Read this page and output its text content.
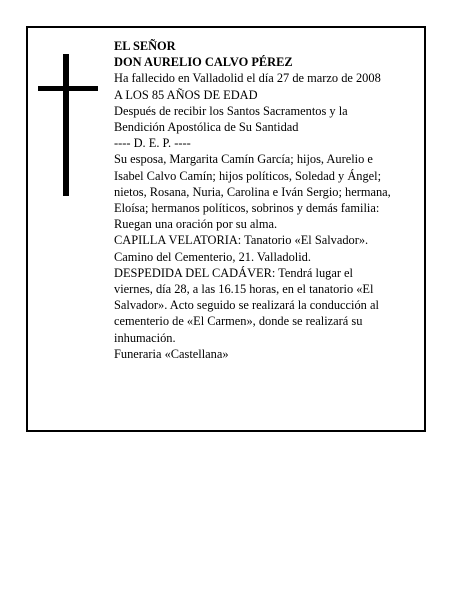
EL SEÑOR
DON AURELIO CALVO PÉREZ
Ha fallecido en Valladolid el día 27 de marzo de 2008
A LOS 85 AÑOS DE EDAD
Después de recibir los Santos Sacramentos y la
Bendición Apostólica de Su Santidad
---- D. E. P. ----
Su esposa, Margarita Camín García; hijos, Aurelio e
Isabel Calvo Camín; hijos políticos, Soledad y Ángel;
nietos, Rosana, Nuria, Carolina e Iván Sergio; hermana,
Eloísa; hermanos políticos, sobrinos y demás familia:
Ruegan una oración por su alma.
CAPILLA VELATORIA: Tanatorio «El Salvador».
Camino del Cementerio, 21. Valladolid.
DESPEDIDA DEL CADÁVER: Tendrá lugar el
viernes, día 28, a las 16.15 horas, en el tanatorio «El
Salvador». Acto seguido se realizará la conducción al
cementerio de «El Carmen», donde se realizará su
inhumación.
Funeraria «Castellana»
